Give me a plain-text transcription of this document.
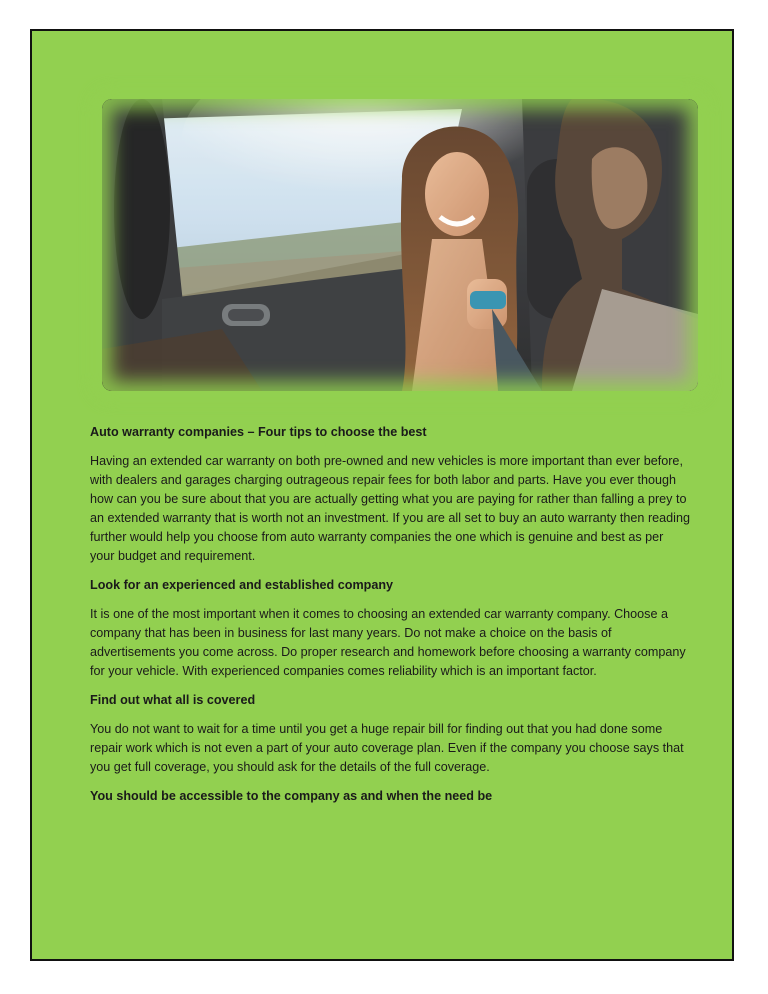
Auto warranty companies – Four tips to choose the best

Having an extended car warranty on both pre-owned and new vehicles is more important than ever before, with dealers and garages charging outrageous repair fees for both labor and parts. Have you ever though how can you be sure about that you are actually getting what you are paying for rather than falling a prey to an extended warranty that is worth not an investment. If you are all set to buy an auto warranty then reading further would help you choose from auto warranty companies the one which is genuine and best as per your budget and requirement.

Look for an experienced and established company

It is one of the most important when it comes to choosing an extended car warranty company. Choose a company that has been in business for last many years. Do not make a choice on the basis of advertisements you come across. Do proper research and homework before choosing a warranty company for your vehicle. With experienced companies comes reliability which is an important factor.

Find out what all is covered

You do not want to wait for a time until you get a huge repair bill for finding out that you had done some repair work which is not even a part of your auto coverage plan. Even if the company you choose says that you get full coverage, you should ask for the details of the full coverage.

You should be accessible to the company as and when the need be
